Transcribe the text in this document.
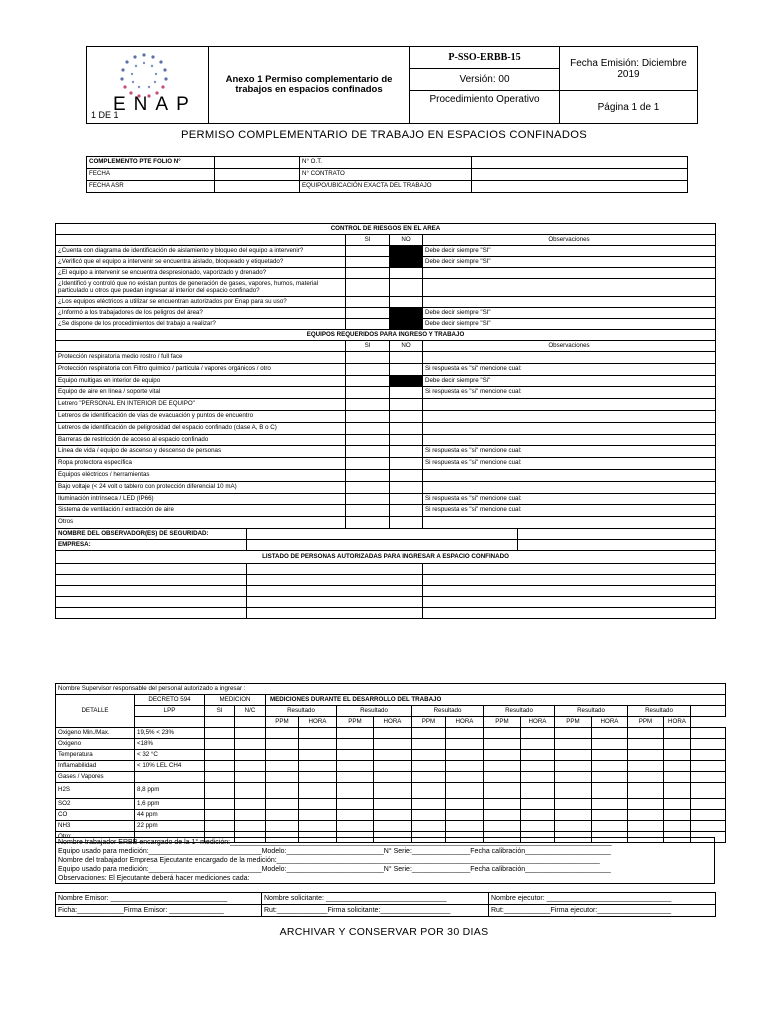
ENAP
1 DE 1	Anexo 1 Permiso complementario de trabajos en espacios confinados	P-SSO-ERBB-15	Fecha Emisión: Diciembre 2019
		Versión: 00	
		Procedimiento Operativo	Página 1 de 1
PERMISO COMPLEMENTARIO DE TRABAJO EN ESPACIOS CONFINADOS
COMPLEMENTO PTE FOLIO N°		N° O.T.	
FECHA		N° CONTRATO	
FECHA ASR		EQUIPO/UBICACIÓN EXACTA DEL TRABAJO	
CONTROL DE RIESGOS EN EL AREA					
		SI	NO	Observaciones	
¿Cuenta con diagrama de identificación de aislamiento y bloqueo del equipo a intervenir?				Debe decir siempre "SI"	
¿Verificó que el equipo a intervenir se encuentra aislado, bloqueado y etiquetado?				Debe decir siempre "SI"	
¿El equipo a intervenir se encuentra despresionado, vaporizado y drenado?					
¿Identificó y controló que no existan puntos de generación de gases, vapores, humos, material particulado u otros que puedan ingresar al interior del espacio confinado?					
¿Los equipos eléctricos a utilizar se encuentran autorizados por Enap para su uso?					
¿Informó a los trabajadores de los peligros del área?				Debe decir siempre "SI"	
¿Se dispone de los procedimientos del trabajo a realizar?				Debe decir siempre "SI"	
EQUIPOS REQUERIDOS PARA INGRESO Y TRABAJO					
		SI	NO	Observaciones	
Protección respiratoria medio rostro / full face					
Protección respiratoria con Filtro químico / partícula / vapores orgánicos / otro				Si respuesta es "si" mencione cual:	
Equipo multigas en interior de equipo				Debe decir siempre "Si"	
Equipo de aire en línea / soporte vital				Si respuesta es "si" mencione cual:	
Letrero "PERSONAL EN INTERIOR DE EQUIPO"					
Letreros de identificación de vías de evacuación y puntos de encuentro					
Letreros de identificación de peligrosidad del espacio confinado (clase A, B o C)					
Barreras de restricción de acceso al espacio confinado					
Línea de vida / equipo de ascenso y descenso de personas				Si respuesta es "si" mencione cual:	
Ropa protectora específica				Si respuesta es "si" mencione cual:	
Equipos eléctricos / herramientas					
Bajo voltaje (< 24 volt o tablero con protección diferencial 10 mA)					
Iluminación intrínseca / LED (IP66)				Si respuesta es "si" mencione cual:	
Sistema de ventilación / extracción de aire				Si respuesta es "si" mencione cual:	
Otros					
NOMBRE DEL OBSERVADOR(ES) DE SEGURIDAD:					
EMPRESA:					
LISTADO DE PERSONAS AUTORIZADAS PARA INGRESAR A ESPACIO CONFINADO					

Nombre Supervisor responsable del personal autorizado a ingresar :																
DETALLE	DECRETO 594	MEDICION		MEDICIONES DURANTE EL DESARROLLO DEL TRABAJO												
	LPP	SI	N/C	Resultado		Resultado		Resultado		Resultado		Resultado		Resultado		
				PPM	HORA	PPM	HORA	PPM	HORA	PPM	HORA	PPM	HORA	PPM	HORA	
Oxigeno Min./Max.	19,5% < 23%															
Oxigeno	<18%															
Temperatura	< 32 °C															
Inflamabilidad	< 10% LEL CH4															
Gases / Vapores																
H2S	8,8 ppm															
SO2	1,6 ppm															
CO	44 ppm															
NH3	22 ppm															
Otro:																
Nombre trabajador ERBB encargado de la 1° medición:__________________________________________________________________________________________________
Equipo usado para medición:_____________________________Modelo:_________________________N° Serie:_______________Fecha calibración______________________
Nombre del trabajador Empresa Ejecutante encargado de la medición:___________________________________________________________________________________
Equipo usado para medición:_____________________________Modelo:_________________________N° Serie:_______________Fecha calibración______________________
Observaciones: El Ejecutante deberá hacer mediciones cada:
Nombre Emisor: ______________________________	Nombre solicitante: _______________________________	Nombre ejecutor: ________________________________
Ficha:____________Firma Emisor: ______________	Rut:_____________Firma solicitante:__________________	Rut:____________Firma ejecutor:___________________
ARCHIVAR Y CONSERVAR POR 30 DIAS
